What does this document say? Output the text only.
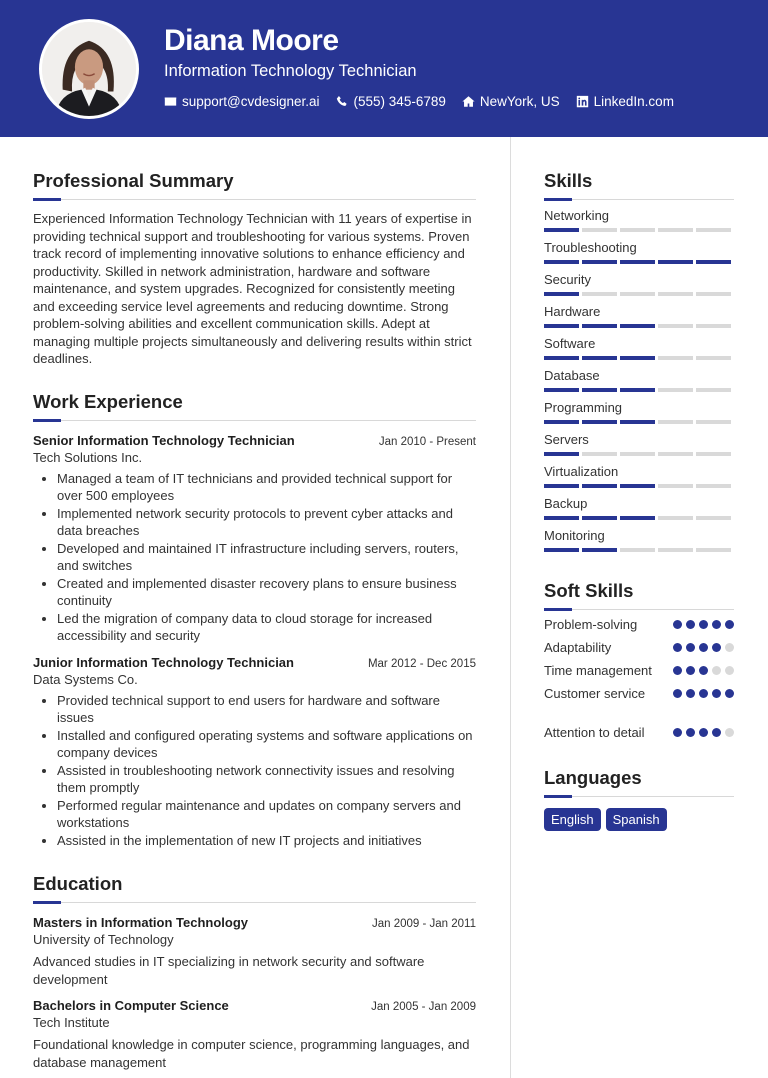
Diana Moore
Information Technology Technician
support@cvdesigner.ai	(555) 345-6789	NewYork, US	LinkedIn.com
Professional Summary

Experienced Information Technology Technician with 11 years of expertise in providing technical support and troubleshooting for various systems. Proven track record of implementing innovative solutions to enhance efficiency and productivity. Skilled in network administration, hardware and software maintenance, and system upgrades. Recognized for consistently meeting and exceeding service level agreements and reducing downtime. Strong problem-solving abilities and excellent communication skills. Adept at managing multiple projects simultaneously and delivering results within strict deadlines.

Work Experience
Senior Information Technology Technician	Jan 2010 - Present
Tech Solutions Inc.
• Managed a team of IT technicians and provided technical support for over 500 employees
• Implemented network security protocols to prevent cyber attacks and data breaches
• Developed and maintained IT infrastructure including servers, routers, and switches
• Created and implemented disaster recovery plans to ensure business continuity
• Led the migration of company data to cloud storage for increased accessibility and security
Junior Information Technology Technician	Mar 2012 - Dec 2015
Data Systems Co.
• Provided technical support to end users for hardware and software issues
• Installed and configured operating systems and software applications on company devices
• Assisted in troubleshooting network connectivity issues and resolving them promptly
• Performed regular maintenance and updates on company servers and workstations
• Assisted in the implementation of new IT projects and initiatives
Education
Masters in Information Technology	Jan 2009 - Jan 2011
University of Technology
Advanced studies in IT specializing in network security and software development
Bachelors in Computer Science	Jan 2005 - Jan 2009
Tech Institute
Foundational knowledge in computer science, programming languages, and database management
Skills
Networking
Troubleshooting
Security
Hardware
Software
Database
Programming
Servers
Virtualization
Backup
Monitoring
Soft Skills
Problem-solving
Adaptability
Time management
Customer service
Attention to detail
Languages
English	Spanish
